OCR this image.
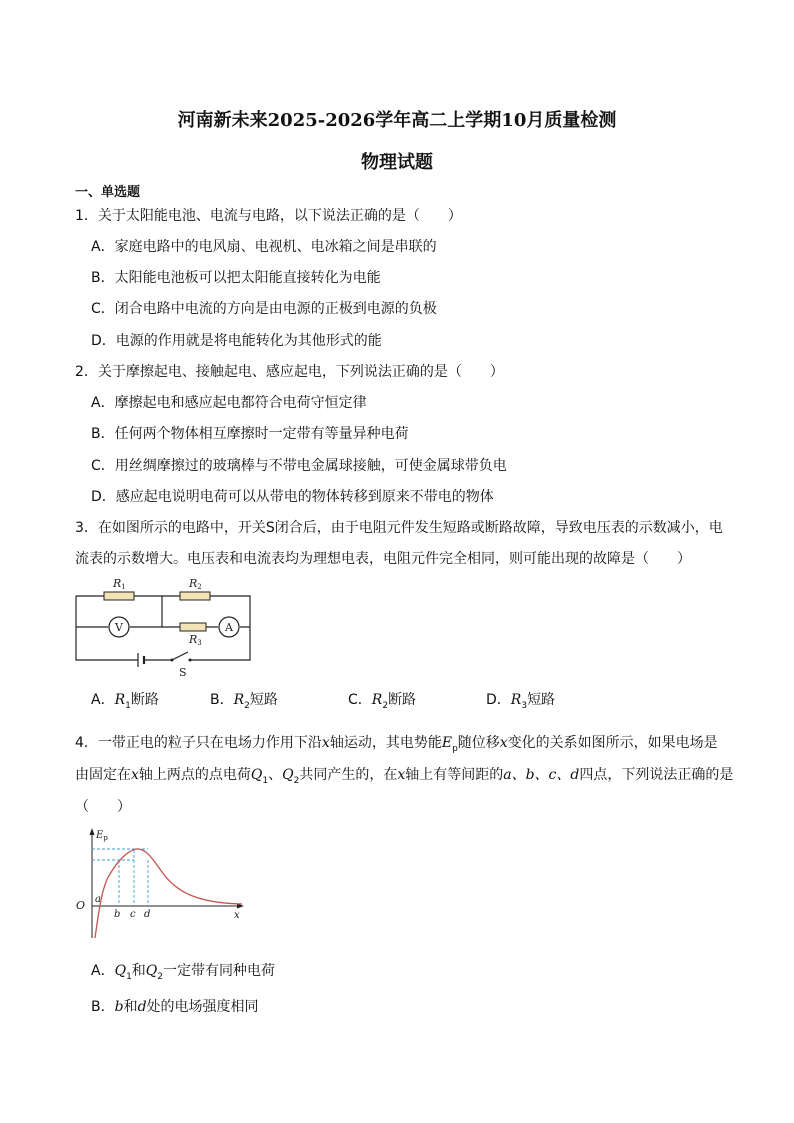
河南新未来2025-2026学年高二上学期10月质量检测
物理试题
一、单选题
1．关于太阳能电池、电流与电路，以下说法正确的是（　　）
A．家庭电路中的电风扇、电视机、电冰箱之间是串联的
B．太阳能电池板可以把太阳能直接转化为电能
C．闭合电路中电流的方向是由电源的正极到电源的负极
D．电源的作用就是将电能转化为其他形式的能
2．关于摩擦起电、接触起电、感应起电，下列说法正确的是（　　）
A．摩擦起电和感应起电都符合电荷守恒定律
B．任何两个物体相互摩擦时一定带有等量异种电荷
C．用丝绸摩擦过的玻璃棒与不带电金属球接触，可使金属球带负电
D．感应起电说明电荷可以从带电的物体转移到原来不带电的物体
3．在如图所示的电路中，开关S闭合后，由于电阻元件发生短路或断路故障，导致电压表的示数减小，电
流表的示数增大。电压表和电流表均为理想电表，电阻元件完全相同，则可能出现的故障是（　　）
V	A
R1	R2
R3
S
A．$R_1$断路	B．$R_2$短路	C．$R_2$断路	D．$R_3$短路
4．一带正电的粒子只在电场力作用下沿x轴运动，其电势能$E_p$随位移x变化的关系如图所示，如果电场是
由固定在x轴上两点的点电荷$Q_1$、$Q_2$共同产生的，在x轴上有等间距的a、b、c、d四点，下列说法正确的是
（　　）
$E_p$
x
O a
b c d
A．$Q_1$和$Q_2$一定带有同种电荷
B．b和d处的电场强度相同
